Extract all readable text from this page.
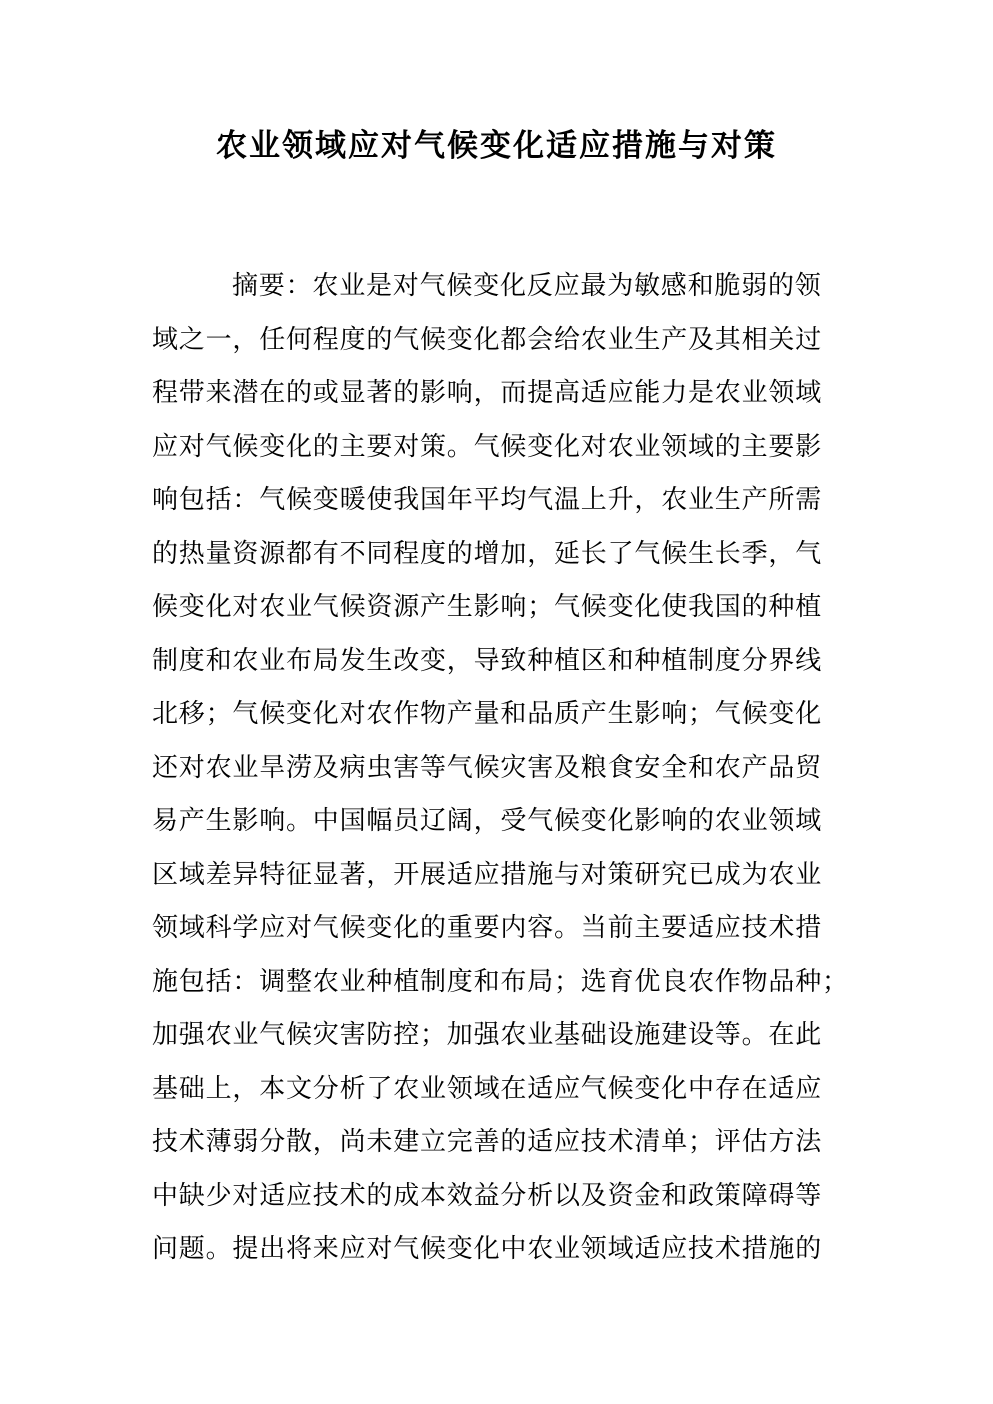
农业领域应对气候变化适应措施与对策
摘要：农业是对气候变化反应最为敏感和脆弱的领
域之一，任何程度的气候变化都会给农业生产及其相关过
程带来潜在的或显著的影响，而提高适应能力是农业领域
应对气候变化的主要对策。气候变化对农业领域的主要影
响包括：气候变暖使我国年平均气温上升，农业生产所需
的热量资源都有不同程度的增加，延长了气候生长季，气
候变化对农业气候资源产生影响；气候变化使我国的种植
制度和农业布局发生改变，导致种植区和种植制度分界线
北移；气候变化对农作物产量和品质产生影响；气候变化
还对农业旱涝及病虫害等气候灾害及粮食安全和农产品贸
易产生影响。中国幅员辽阔，受气候变化影响的农业领域
区域差异特征显著，开展适应措施与对策研究已成为农业
领域科学应对气候变化的重要内容。当前主要适应技术措
施包括：调整农业种植制度和布局；选育优良农作物品种；
加强农业气候灾害防控；加强农业基础设施建设等。在此
基础上，本文分析了农业领域在适应气候变化中存在适应
技术薄弱分散，尚未建立完善的适应技术清单；评估方法
中缺少对适应技术的成本效益分析以及资金和政策障碍等
问题。提出将来应对气候变化中农业领域适应技术措施的
